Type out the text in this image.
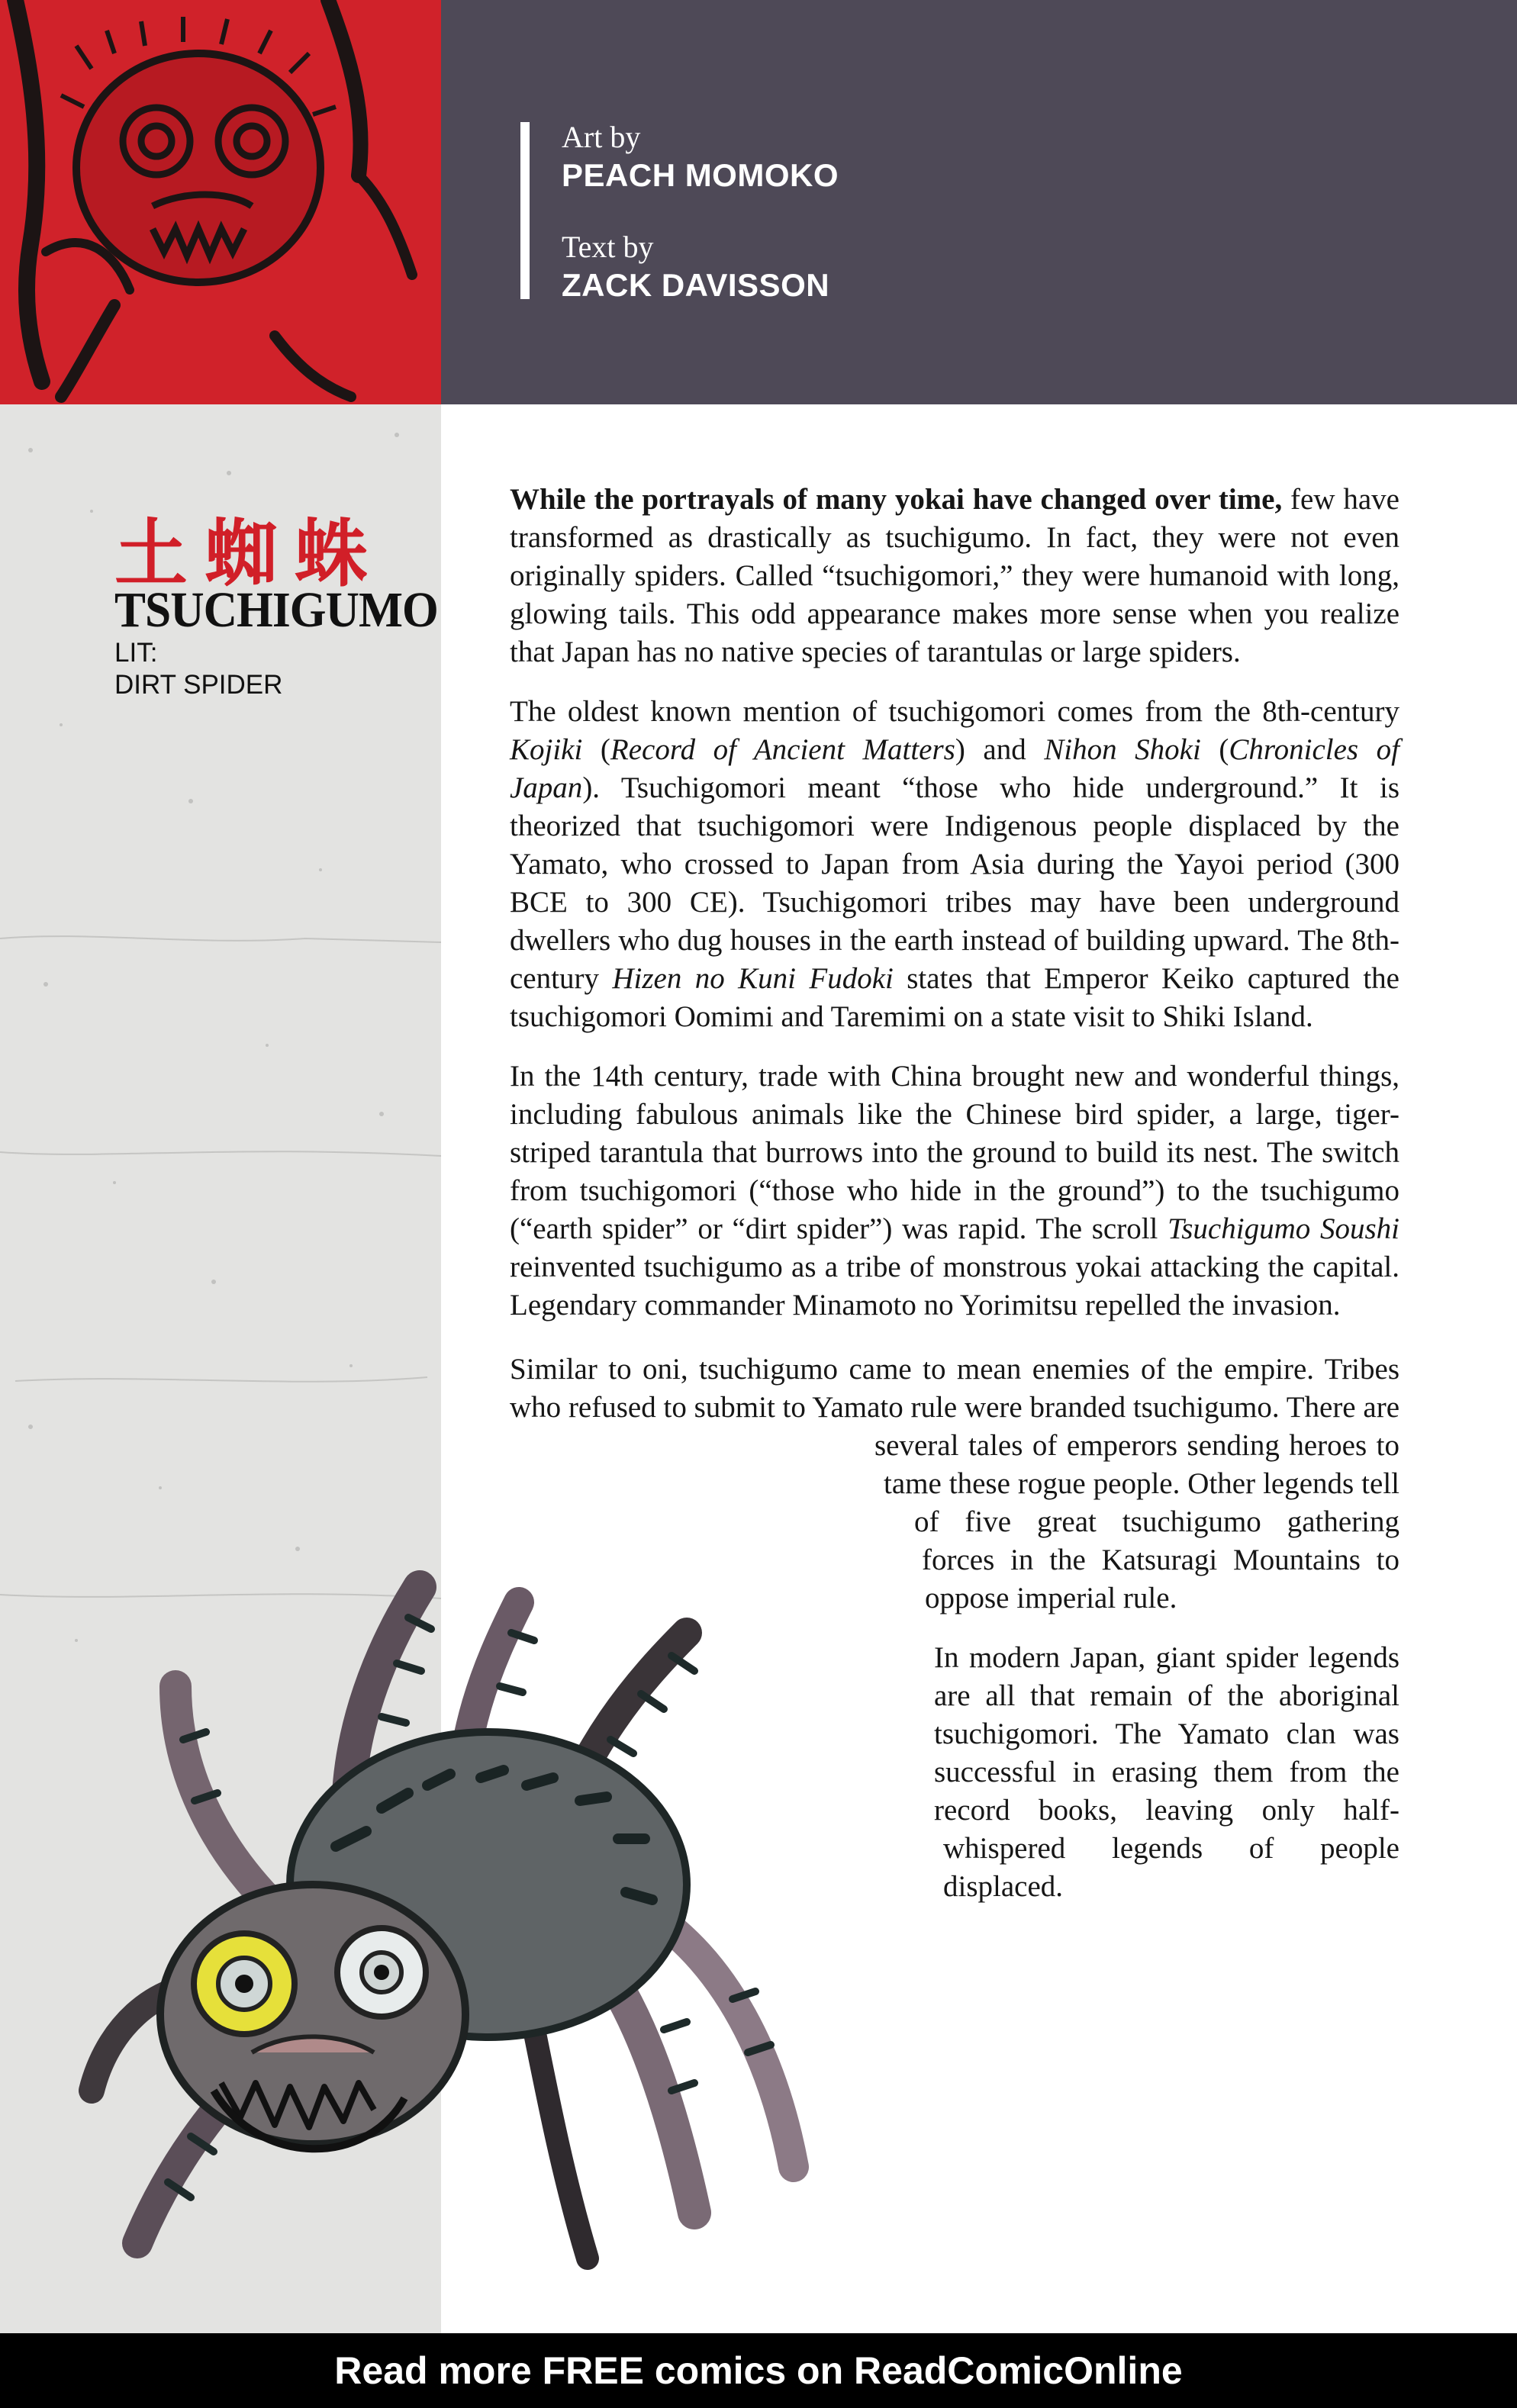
Art by
PEACH MOMOKO
Text by
ZACK DAVISSON
土蜘蛛
TSUCHIGUMO
LIT:
DIRT SPIDER

While the portrayals of many yokai have changed over time, few have transformed as drastically as tsuchigumo. In fact, they were not even originally spiders. Called “tsuchigomori,” they were humanoid with long, glowing tails. This odd appearance makes more sense when you realize that Japan has no native species of tarantulas or large spiders.

The oldest known mention of tsuchigomori comes from the 8th-century Kojiki (Record of Ancient Matters) and Nihon Shoki (Chronicles of Japan). Tsuchigomori meant “those who hide underground.” It is theorized that tsuchigomori were Indigenous people displaced by the Yamato, who crossed to Japan from Asia during the Yayoi period (300 BCE to 300 CE). Tsuchigomori tribes may have been underground dwellers who dug houses in the earth instead of building upward. The 8th-century Hizen no Kuni Fudoki states that Emperor Keiko captured the tsuchigomori Oomimi and Taremimi on a state visit to Shiki Island.

In the 14th century, trade with China brought new and wonderful things, including fabulous animals like the Chinese bird spider, a large, tiger-striped tarantula that burrows into the ground to build its nest. The switch from tsuchigomori (“those who hide in the ground”) to the tsuchigumo (“earth spider” or “dirt spider”) was rapid. The scroll Tsuchigumo Soushi reinvented tsuchigumo as a tribe of monstrous yokai attacking the capital. Legendary commander Minamoto no Yorimitsu repelled the invasion.

Similar to oni, tsuchigumo came to mean enemies of the empire. Tribes who refused to submit to Yamato rule were branded tsuchigumo. There are several tales of emperors sending heroes to tame these rogue people. Other legends tell of five great tsuchigumo gathering forces in the Katsuragi Mountains to oppose imperial rule.

In modern Japan, giant spider legends are all that remain of the aboriginal tsuchigomori. The Yamato clan was successful in erasing them from the record books, leaving only half-whispered legends of people displaced.

Read more FREE comics on ReadComicOnline
